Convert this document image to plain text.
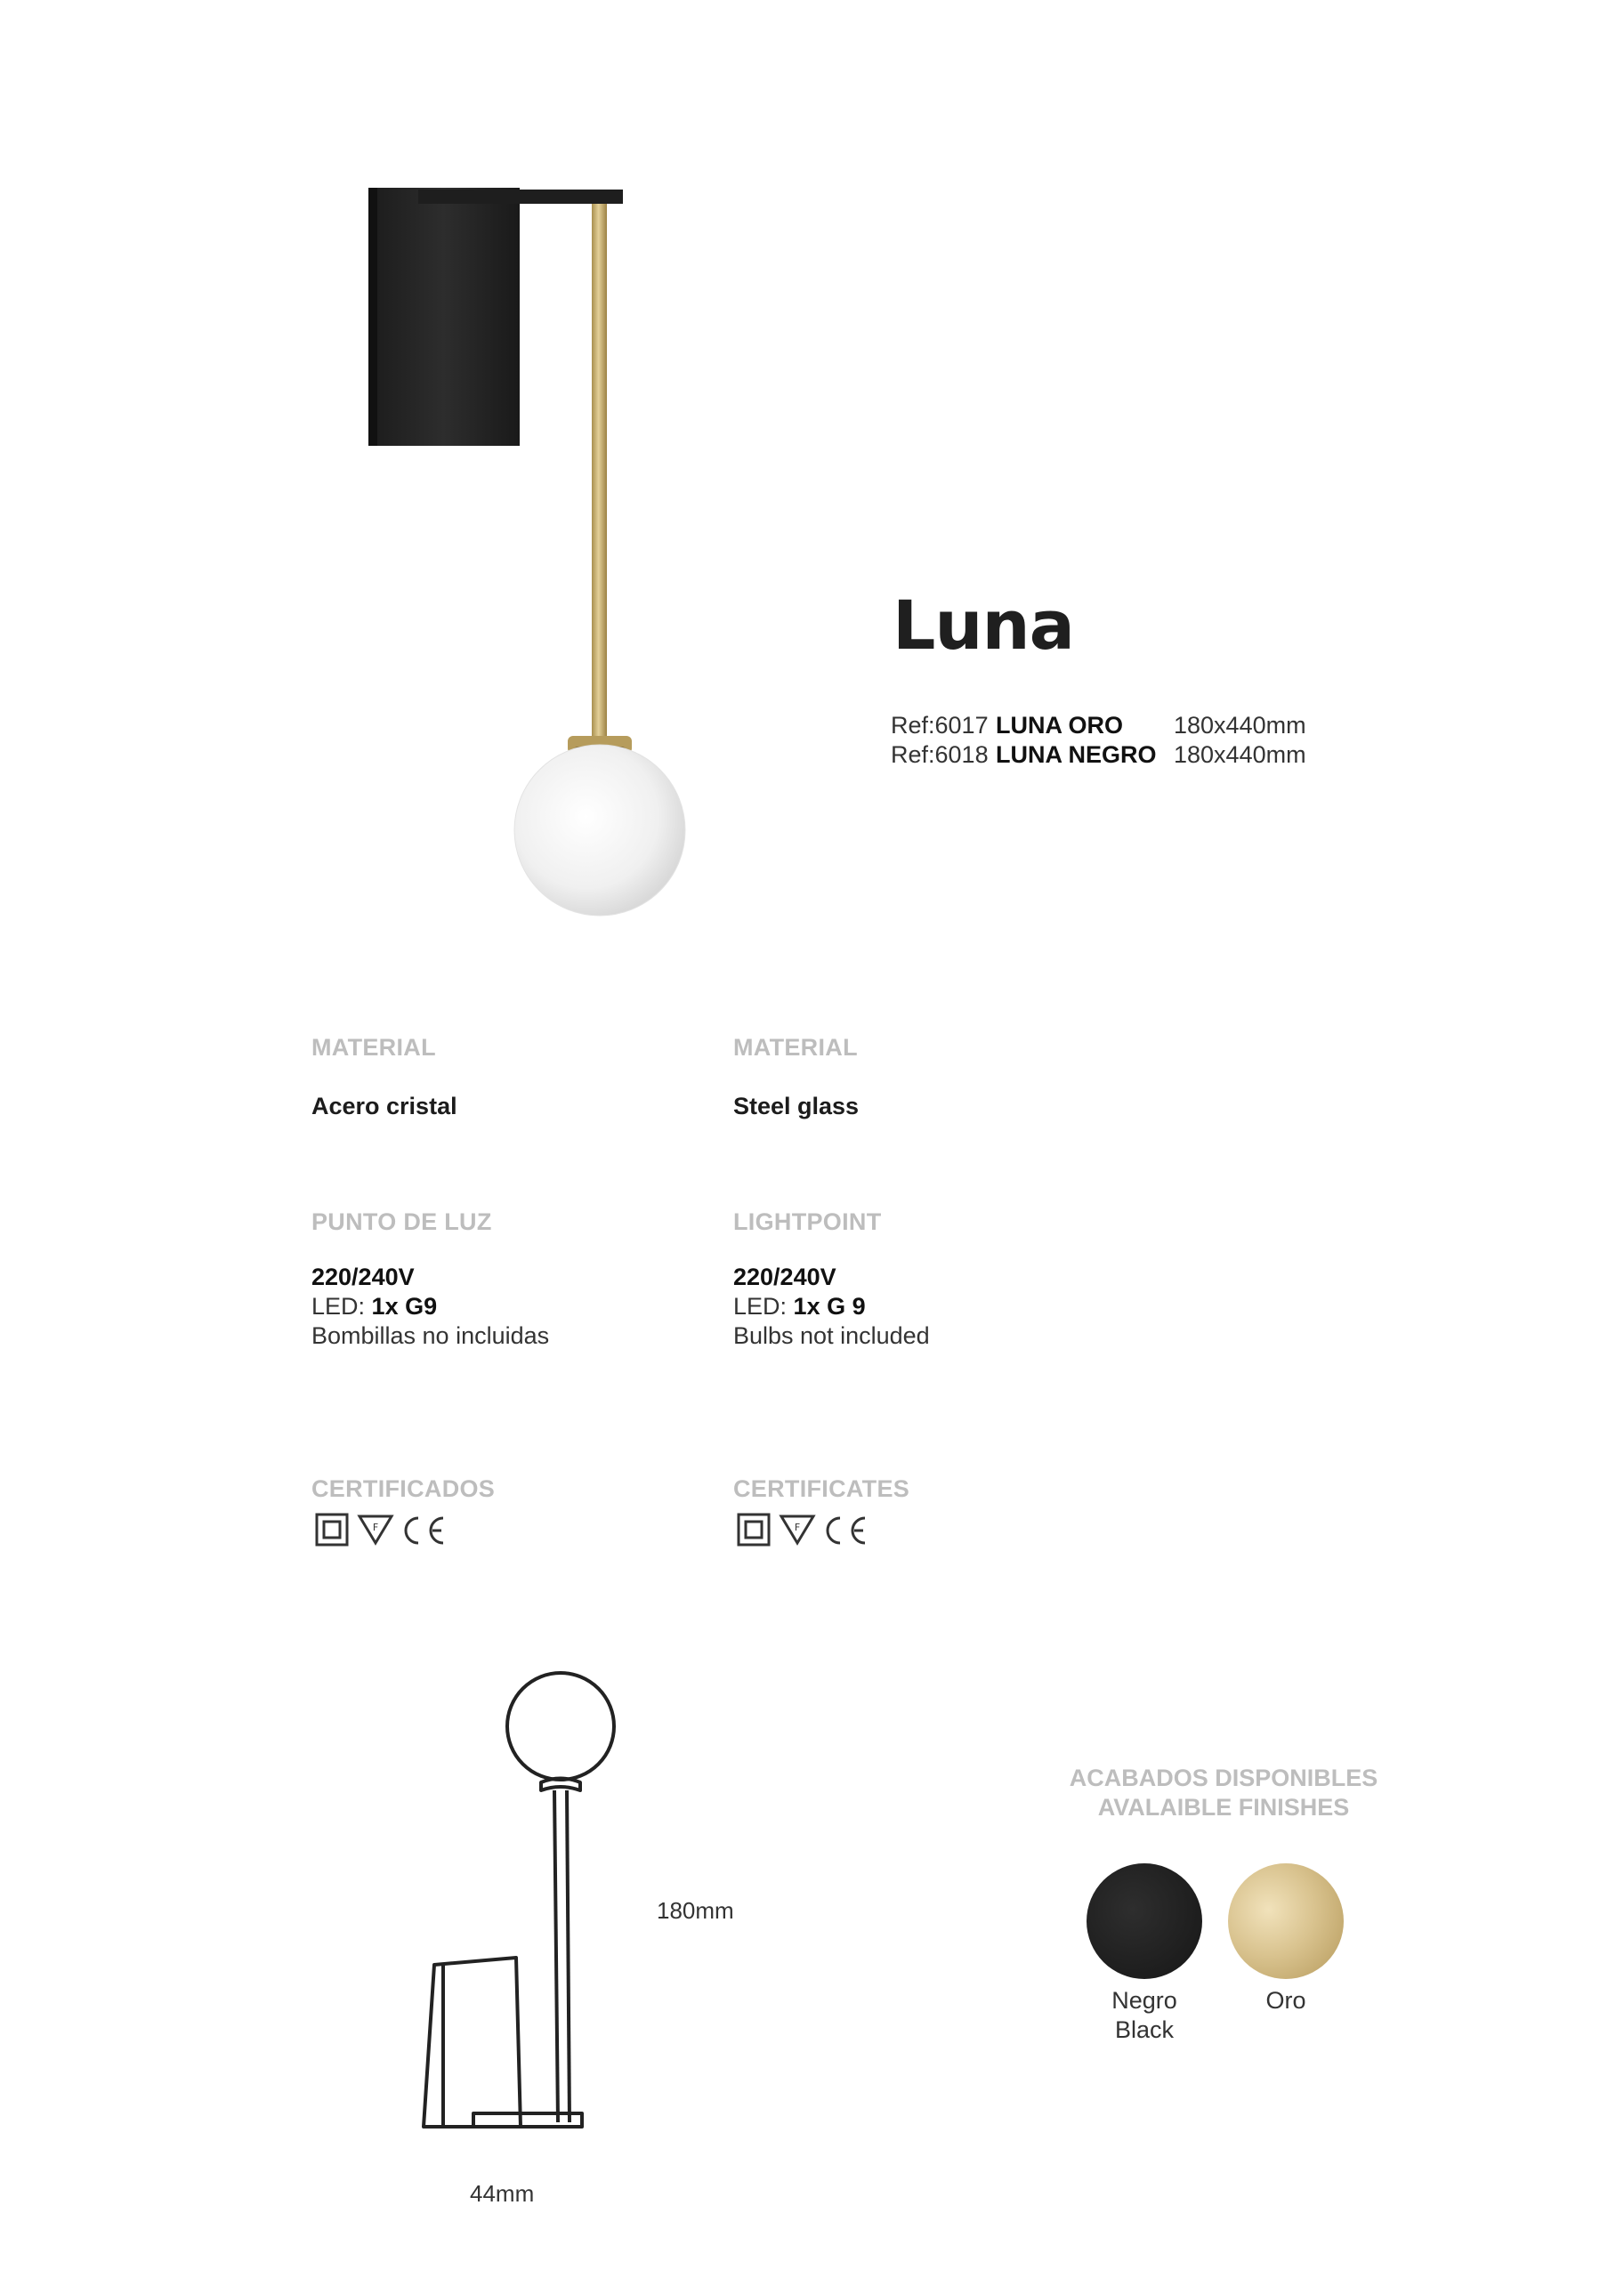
Luna
Ref:6017 LUNA ORO 180x440mm
Ref:6018 LUNA NEGRO 180x440mm
MATERIAL
Acero cristal
PUNTO DE LUZ
220/240V
LED: 1x G9
Bombillas no incluidas
CERTIFICADOS
F
MATERIAL
Steel glass
LIGHTPOINT
220/240V
LED: 1x G 9
Bulbs not included
CERTIFICATES
F
180mm
44mm
ACABADOS DISPONIBLES
AVALAIBLE FINISHES
Negro
Black
Oro
